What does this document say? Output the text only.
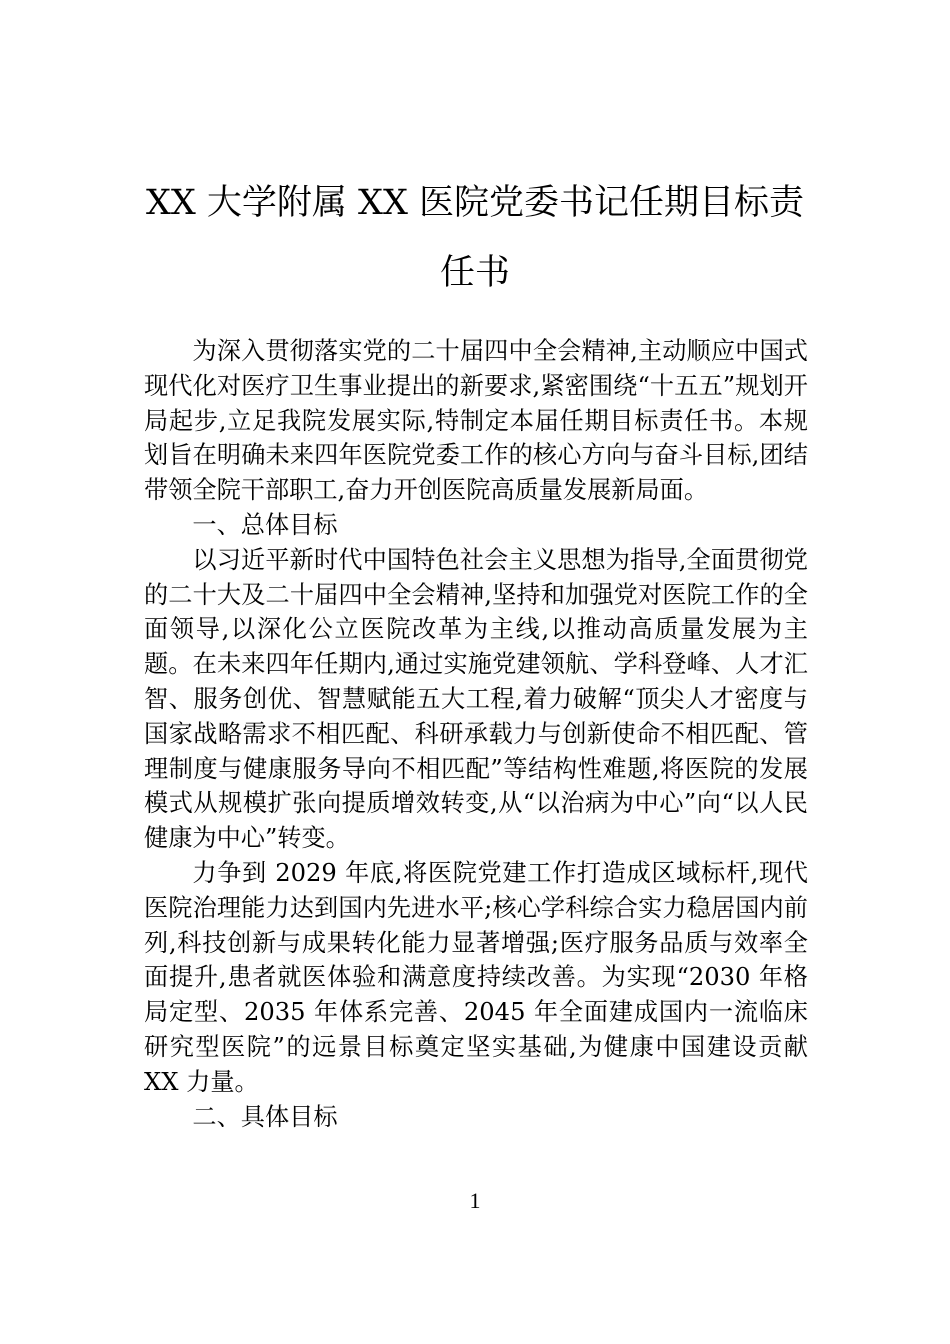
XX 大学附属 XX 医院党委书记任期目标责任书

为深入贯彻落实党的二十届四中全会精神,主动顺应中国式现代化对医疗卫生事业提出的新要求,紧密围绕“十五五”规划开局起步,立足我院发展实际,特制定本届任期目标责任书。本规划旨在明确未来四年医院党委工作的核心方向与奋斗目标,团结带领全院干部职工,奋力开创医院高质量发展新局面。

一、总体目标

以习近平新时代中国特色社会主义思想为指导,全面贯彻党的二十大及二十届四中全会精神,坚持和加强党对医院工作的全面领导,以深化公立医院改革为主线,以推动高质量发展为主题。在未来四年任期内,通过实施党建领航、学科登峰、人才汇智、服务创优、智慧赋能五大工程,着力破解“顶尖人才密度与国家战略需求不相匹配、科研承载力与创新使命不相匹配、管理制度与健康服务导向不相匹配”等结构性难题,将医院的发展模式从规模扩张向提质增效转变,从“以治病为中心”向“以人民健康为中心”转变。

力争到 2029 年底,将医院党建工作打造成区域标杆,现代医院治理能力达到国内先进水平;核心学科综合实力稳居国内前列,科技创新与成果转化能力显著增强;医疗服务品质与效率全面提升,患者就医体验和满意度持续改善。为实现“2030 年格局定型、2035 年体系完善、2045 年全面建成国内一流临床研究型医院”的远景目标奠定坚实基础,为健康中国建设贡献 XX 力量。

二、具体目标

1
